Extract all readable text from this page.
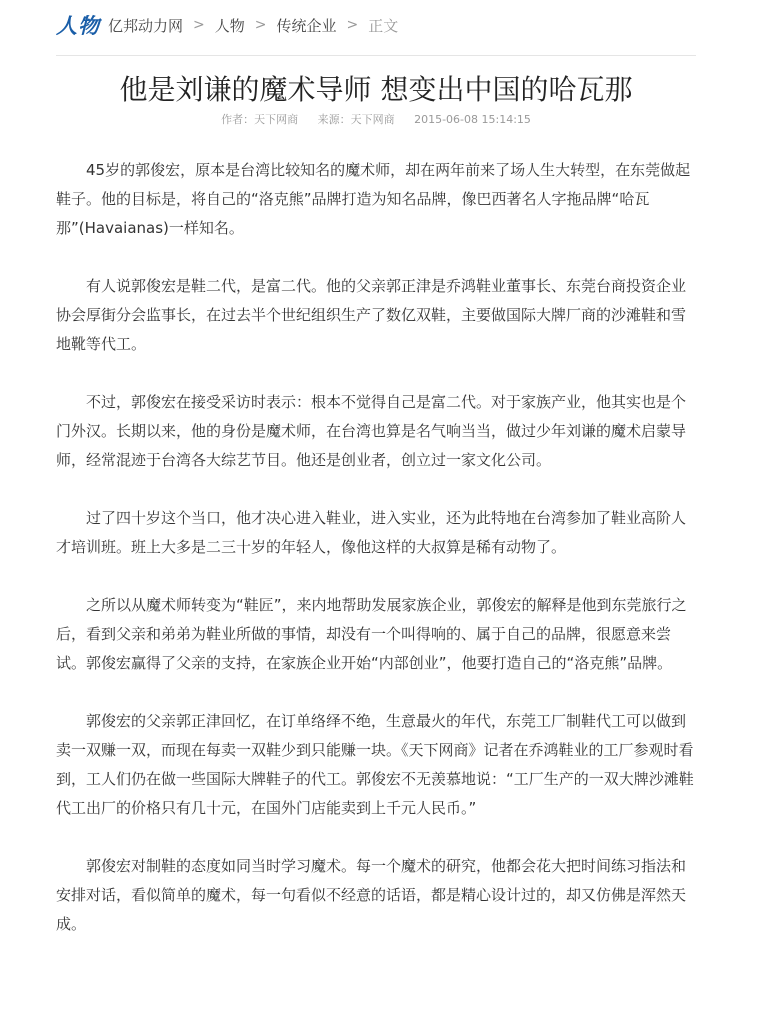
人物 亿邦动力网 > 人物 > 传统企业 > 正文
他是刘谦的魔术导师 想变出中国的哈瓦那
作者：天下网商 来源：天下网商 2015-06-08 15:14:15

45岁的郭俊宏，原本是台湾比较知名的魔术师，却在两年前来了场人生大转型，在东莞做起鞋子。他的目标是，将自己的“洛克熊”品牌打造为知名品牌，像巴西著名人字拖品牌“哈瓦那”(Havaianas)一样知名。

有人说郭俊宏是鞋二代，是富二代。他的父亲郭正津是乔鸿鞋业董事长、东莞台商投资企业协会厚街分会监事长，在过去半个世纪组织生产了数亿双鞋，主要做国际大牌厂商的沙滩鞋和雪地靴等代工。

不过，郭俊宏在接受采访时表示：根本不觉得自己是富二代。对于家族产业，他其实也是个门外汉。长期以来，他的身份是魔术师，在台湾也算是名气响当当，做过少年刘谦的魔术启蒙导师，经常混迹于台湾各大综艺节目。他还是创业者，创立过一家文化公司。

过了四十岁这个当口，他才决心进入鞋业，进入实业，还为此特地在台湾参加了鞋业高阶人才培训班。班上大多是二三十岁的年轻人，像他这样的大叔算是稀有动物了。

之所以从魔术师转变为“鞋匠”，来内地帮助发展家族企业，郭俊宏的解释是他到东莞旅行之后，看到父亲和弟弟为鞋业所做的事情，却没有一个叫得响的、属于自己的品牌，很愿意来尝试。郭俊宏赢得了父亲的支持，在家族企业开始“内部创业”，他要打造自己的“洛克熊”品牌。

郭俊宏的父亲郭正津回忆，在订单络绎不绝，生意最火的年代，东莞工厂制鞋代工可以做到卖一双赚一双，而现在每卖一双鞋少到只能赚一块。《天下网商》记者在乔鸿鞋业的工厂参观时看到，工人们仍在做一些国际大牌鞋子的代工。郭俊宏不无羡慕地说：“工厂生产的一双大牌沙滩鞋代工出厂的价格只有几十元，在国外门店能卖到上千元人民币。”

郭俊宏对制鞋的态度如同当时学习魔术。每一个魔术的研究，他都会花大把时间练习指法和安排对话，看似简单的魔术，每一句看似不经意的话语，都是精心设计过的，却又仿佛是浑然天成。
